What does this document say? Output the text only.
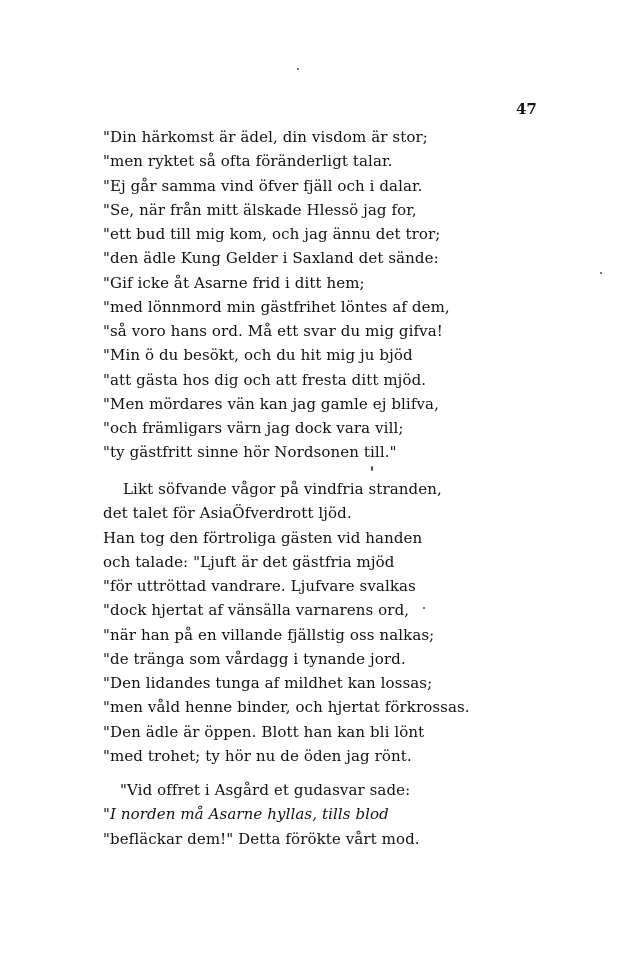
47
"Din härkomst är ädel, din visdom är stor;
"men ryktet så ofta föränderligt talar.
"Ej går samma vind öfver fjäll och i dalar.
"Se, när från mitt älskade Hlessö jag for,
"ett bud till mig kom, och jag ännu det tror;
"den ädle Kung Gelder i Saxland det sände:
"Gif icke åt Asarne frid i ditt hem;
"med lönnmord min gästfrihet löntes af dem,
"så voro hans ord. Må ett svar du mig gifva!
"Min ö du besökt, och du hit mig ju bjöd
"att gästa hos dig och att fresta ditt mjöd.
"Men mördares vän kan jag gamle ej blifva,
"och främligars värn jag dock vara vill;
"ty gästfritt sinne hör Nordsonen till."
Likt söfvande vågor på vindfria stranden,
det talet för AsiaÖfverdrott ljöd.
Han tog den förtroliga gästen vid handen
och talade: "Ljuft är det gästfria mjöd
"för uttröttad vandrare. Ljufvare svalkas
"dock hjertat af vänsälla varnarens ord,
"när han på en villande fjällstig oss nalkas;
"de tränga som vårdagg i tynande jord.
"Den lidandes tunga af mildhet kan lossas;
"men våld henne binder, och hjertat förkrossas.
"Den ädle är öppen. Blott han kan bli lönt
"med trohet; ty hör nu de öden jag rönt.
"Vid offret i Asgård et gudasvar sade:
"I norden må Asarne hyllas, tills blod
"befläckar dem!" Detta förökte vårt mod.
